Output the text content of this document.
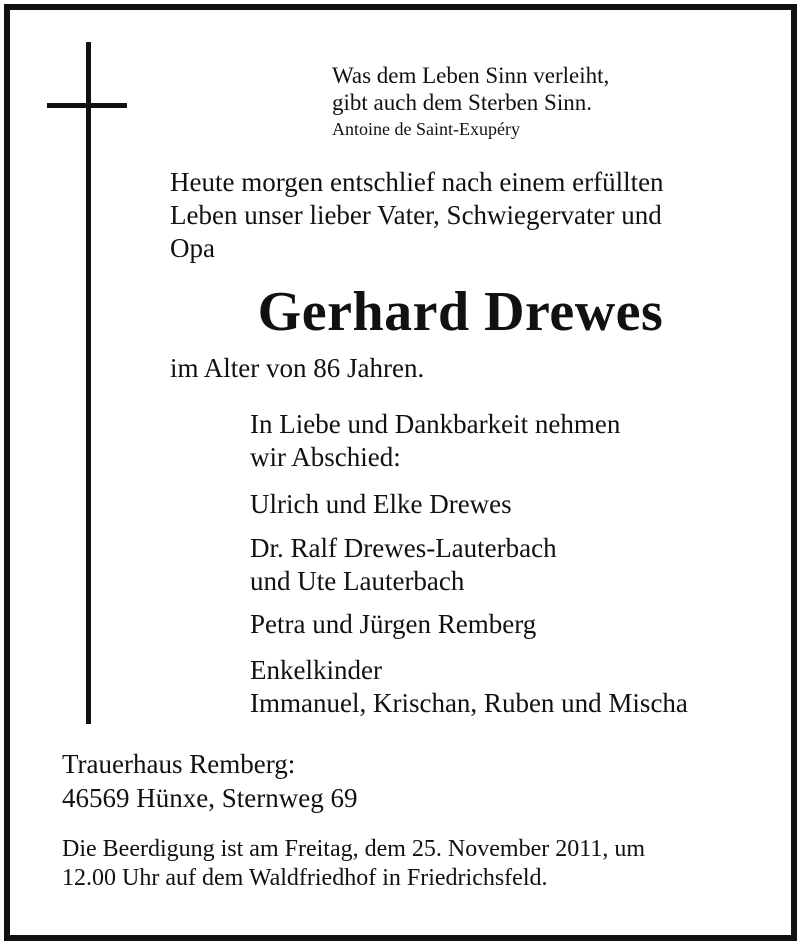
Was dem Leben Sinn verleiht,
gibt auch dem Sterben Sinn.
Antoine de Saint-Exupéry
Heute morgen entschlief nach einem erfüllten
Leben unser lieber Vater, Schwiegervater und
Opa
Gerhard Drewes
im Alter von 86 Jahren.
In Liebe und Dankbarkeit nehmen
wir Abschied:
Ulrich und Elke Drewes
Dr. Ralf Drewes-Lauterbach
und Ute Lauterbach
Petra und Jürgen Remberg
Enkelkinder
Immanuel, Krischan, Ruben und Mischa
Trauerhaus Remberg:
46569 Hünxe, Sternweg 69
Die Beerdigung ist am Freitag, dem 25. November 2011, um
12.00 Uhr auf dem Waldfriedhof in Friedrichsfeld.
